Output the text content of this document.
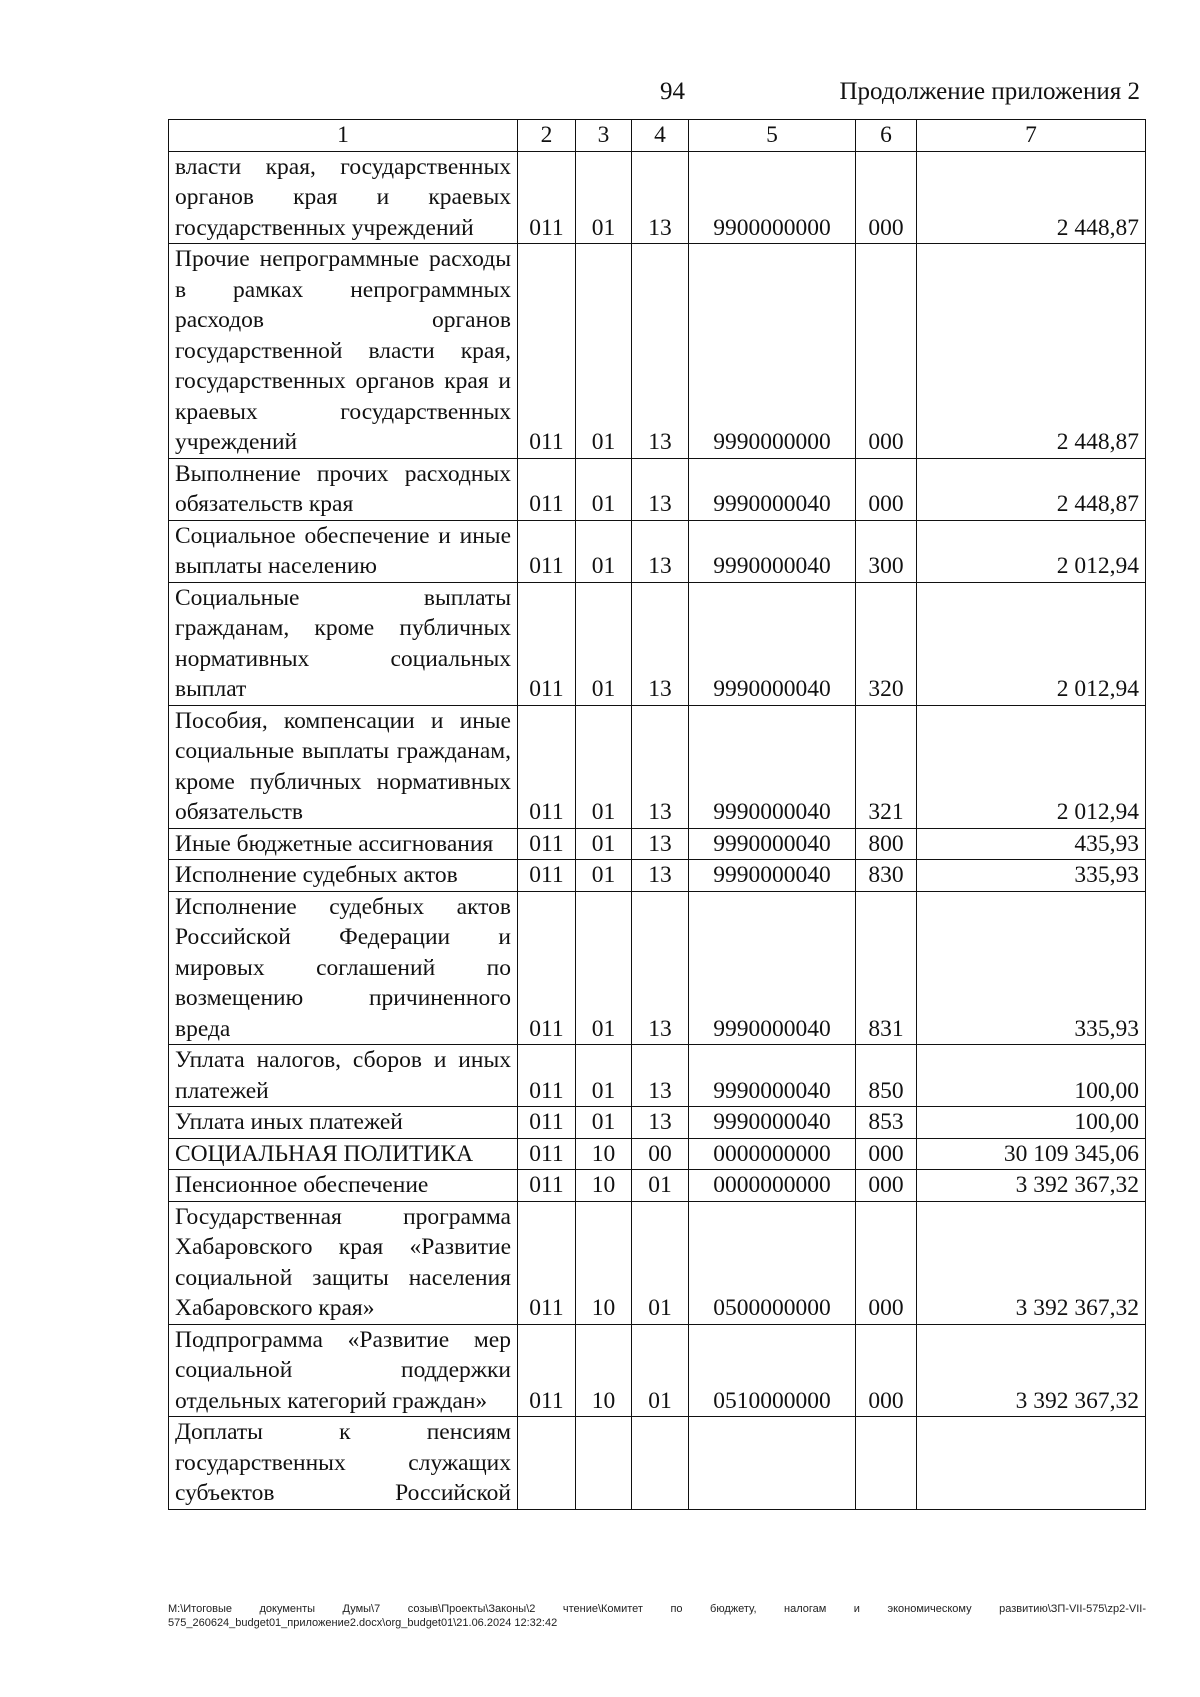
94	Продолжение приложения 2
1	2	3	4	5	6	7
власти края, государственных органов края и краевых государственных учреждений	011	01	13	9900000000	000	2 448,87
Прочие непрограммные расходы в рамках непрограммных расходов органов государственной власти края, государственных органов края и краевых государственных учреждений	011	01	13	9990000000	000	2 448,87
Выполнение прочих расходных обязательств края	011	01	13	9990000040	000	2 448,87
Социальное обеспечение и иные выплаты населению	011	01	13	9990000040	300	2 012,94
Социальные выплаты гражданам, кроме публичных нормативных социальных выплат	011	01	13	9990000040	320	2 012,94
Пособия, компенсации и иные социальные выплаты гражданам, кроме публичных нормативных обязательств	011	01	13	9990000040	321	2 012,94
Иные бюджетные ассигнования	011	01	13	9990000040	800	435,93
Исполнение судебных актов	011	01	13	9990000040	830	335,93
Исполнение судебных актов Российской Федерации и мировых соглашений по возмещению причиненного вреда	011	01	13	9990000040	831	335,93
Уплата налогов, сборов и иных платежей	011	01	13	9990000040	850	100,00
Уплата иных платежей	011	01	13	9990000040	853	100,00
СОЦИАЛЬНАЯ ПОЛИТИКА	011	10	00	0000000000	000	30 109 345,06
Пенсионное обеспечение	011	10	01	0000000000	000	3 392 367,32
Государственная программа Хабаровского края «Развитие социальной защиты населения Хабаровского края»	011	10	01	0500000000	000	3 392 367,32
Подпрограмма «Развитие мер социальной поддержки отдельных категорий граждан»	011	10	01	0510000000	000	3 392 367,32
Доплаты к пенсиям государственных служащих субъектов Российской						
M:\Итоговые документы Думы\7 созыв\Проекты\Законы\2 чтение\Комитет по бюджету, налогам и экономическому развитию\ЗП-VII-575\zp2-VII-575_260624_budget01_приложение2.docx\org_budget01\21.06.2024 12:32:42
